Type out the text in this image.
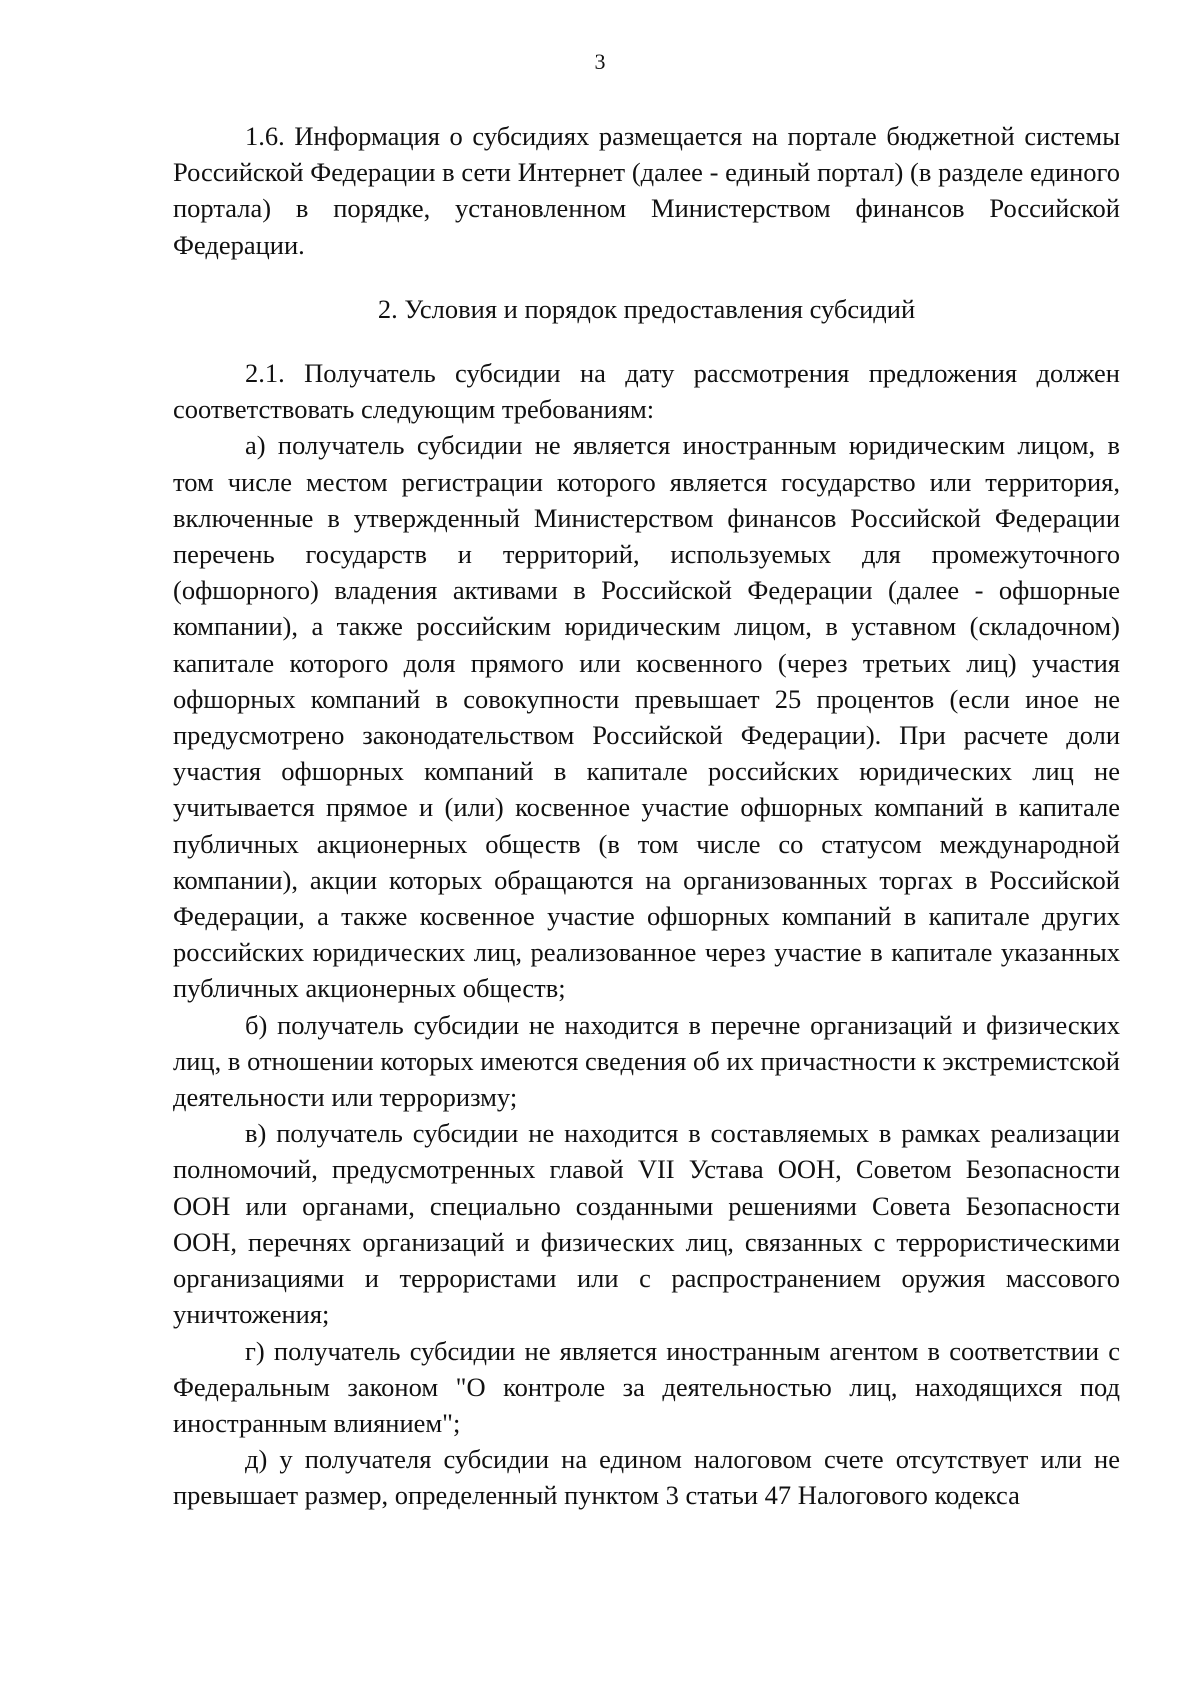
3

1.6. Информация о субсидиях размещается на портале бюджетной системы Российской Федерации в сети Интернет (далее - единый портал) (в разделе единого портала) в порядке, установленном Министерством финансов Российской Федерации.

2. Условия и порядок предоставления субсидий

2.1. Получатель субсидии на дату рассмотрения предложения должен соответствовать следующим требованиям:

а) получатель субсидии не является иностранным юридическим лицом, в том числе местом регистрации которого является государство или территория, включенные в утвержденный Министерством финансов Российской Федерации перечень государств и территорий, используемых для промежуточного (офшорного) владения активами в Российской Федерации (далее - офшорные компании), а также российским юридическим лицом, в уставном (складочном) капитале которого доля прямого или косвенного (через третьих лиц) участия офшорных компаний в совокупности превышает 25 процентов (если иное не предусмотрено законодательством Российской Федерации). При расчете доли участия офшорных компаний в капитале российских юридических лиц не учитывается прямое и (или) косвенное участие офшорных компаний в капитале публичных акционерных обществ (в том числе со статусом международной компании), акции которых обращаются на организованных торгах в Российской Федерации, а также косвенное участие офшорных компаний в капитале других российских юридических лиц, реализованное через участие в капитале указанных публичных акционерных обществ;

б) получатель субсидии не находится в перечне организаций и физических лиц, в отношении которых имеются сведения об их причастности к экстремистской деятельности или терроризму;

в) получатель субсидии не находится в составляемых в рамках реализации полномочий, предусмотренных главой VII Устава ООН, Советом Безопасности ООН или органами, специально созданными решениями Совета Безопасности ООН, перечнях организаций и физических лиц, связанных с террористическими организациями и террористами или с распространением оружия массового уничтожения;

г) получатель субсидии не является иностранным агентом в соответствии с Федеральным законом "О контроле за деятельностью лиц, находящихся под иностранным влиянием";

д) у получателя субсидии на едином налоговом счете отсутствует или не превышает размер, определенный пунктом 3 статьи 47 Налогового кодекса
